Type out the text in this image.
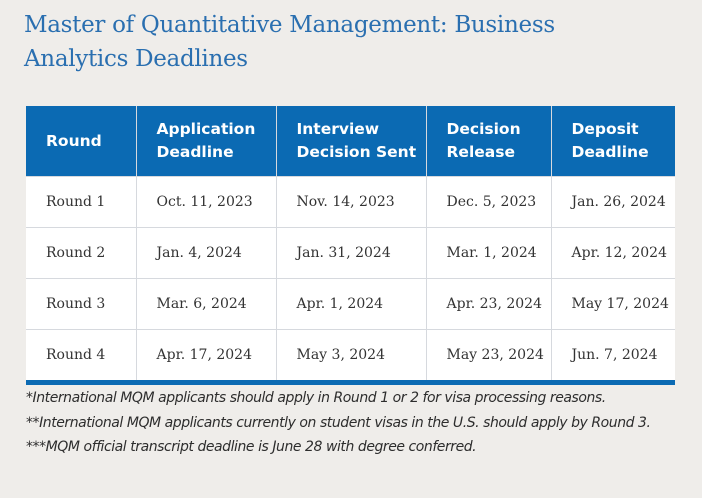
Master of Quantitative Management: Business Analytics Deadlines
Round	Application Deadline	Interview Decision Sent	Decision Release	Deposit Deadline
Round 1	Oct. 11, 2023	Nov. 14, 2023	Dec. 5, 2023	Jan. 26, 2024
Round 2	Jan. 4, 2024	Jan. 31, 2024	Mar. 1, 2024	Apr. 12, 2024
Round 3	Mar. 6, 2024	Apr. 1, 2024	Apr. 23, 2024	May 17, 2024
Round 4	Apr. 17, 2024	May 3, 2024	May 23, 2024	Jun. 7, 2024

*International MQM applicants should apply in Round 1 or 2 for visa processing reasons.

**International MQM applicants currently on student visas in the U.S. should apply by Round 3.

***MQM official transcript deadline is June 28 with degree conferred.
